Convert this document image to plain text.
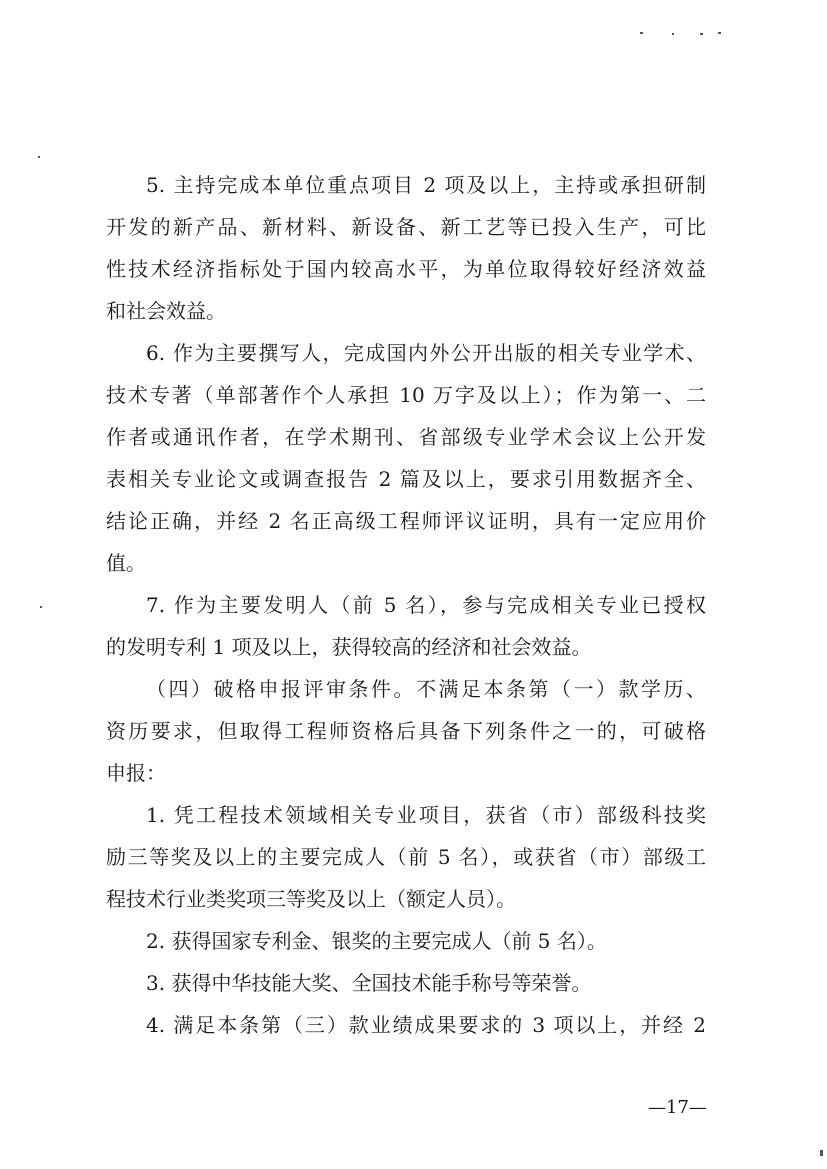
5. 主持完成本单位重点项目 2 项及以上，主持或承担研制
开发的新产品、新材料、新设备、新工艺等已投入生产，可比
性技术经济指标处于国内较高水平，为单位取得较好经济效益
和社会效益。
6. 作为主要撰写人，完成国内外公开出版的相关专业学术、
技术专著（单部著作个人承担 10 万字及以上）；作为第一、二
作者或通讯作者，在学术期刊、省部级专业学术会议上公开发
表相关专业论文或调查报告 2 篇及以上，要求引用数据齐全、
结论正确，并经 2 名正高级工程师评议证明，具有一定应用价
值。
7. 作为主要发明人（前 5 名），参与完成相关专业已授权
的发明专利 1 项及以上，获得较高的经济和社会效益。
（四）破格申报评审条件。不满足本条第（一）款学历、
资历要求，但取得工程师资格后具备下列条件之一的，可破格
申报：
1. 凭工程技术领域相关专业项目，获省（市）部级科技奖
励三等奖及以上的主要完成人（前 5 名），或获省（市）部级工
程技术行业类奖项三等奖及以上（额定人员）。
2. 获得国家专利金、银奖的主要完成人（前 5 名）。
3. 获得中华技能大奖、全国技术能手称号等荣誉。
4. 满足本条第（三）款业绩成果要求的 3 项以上，并经 2
—17—
